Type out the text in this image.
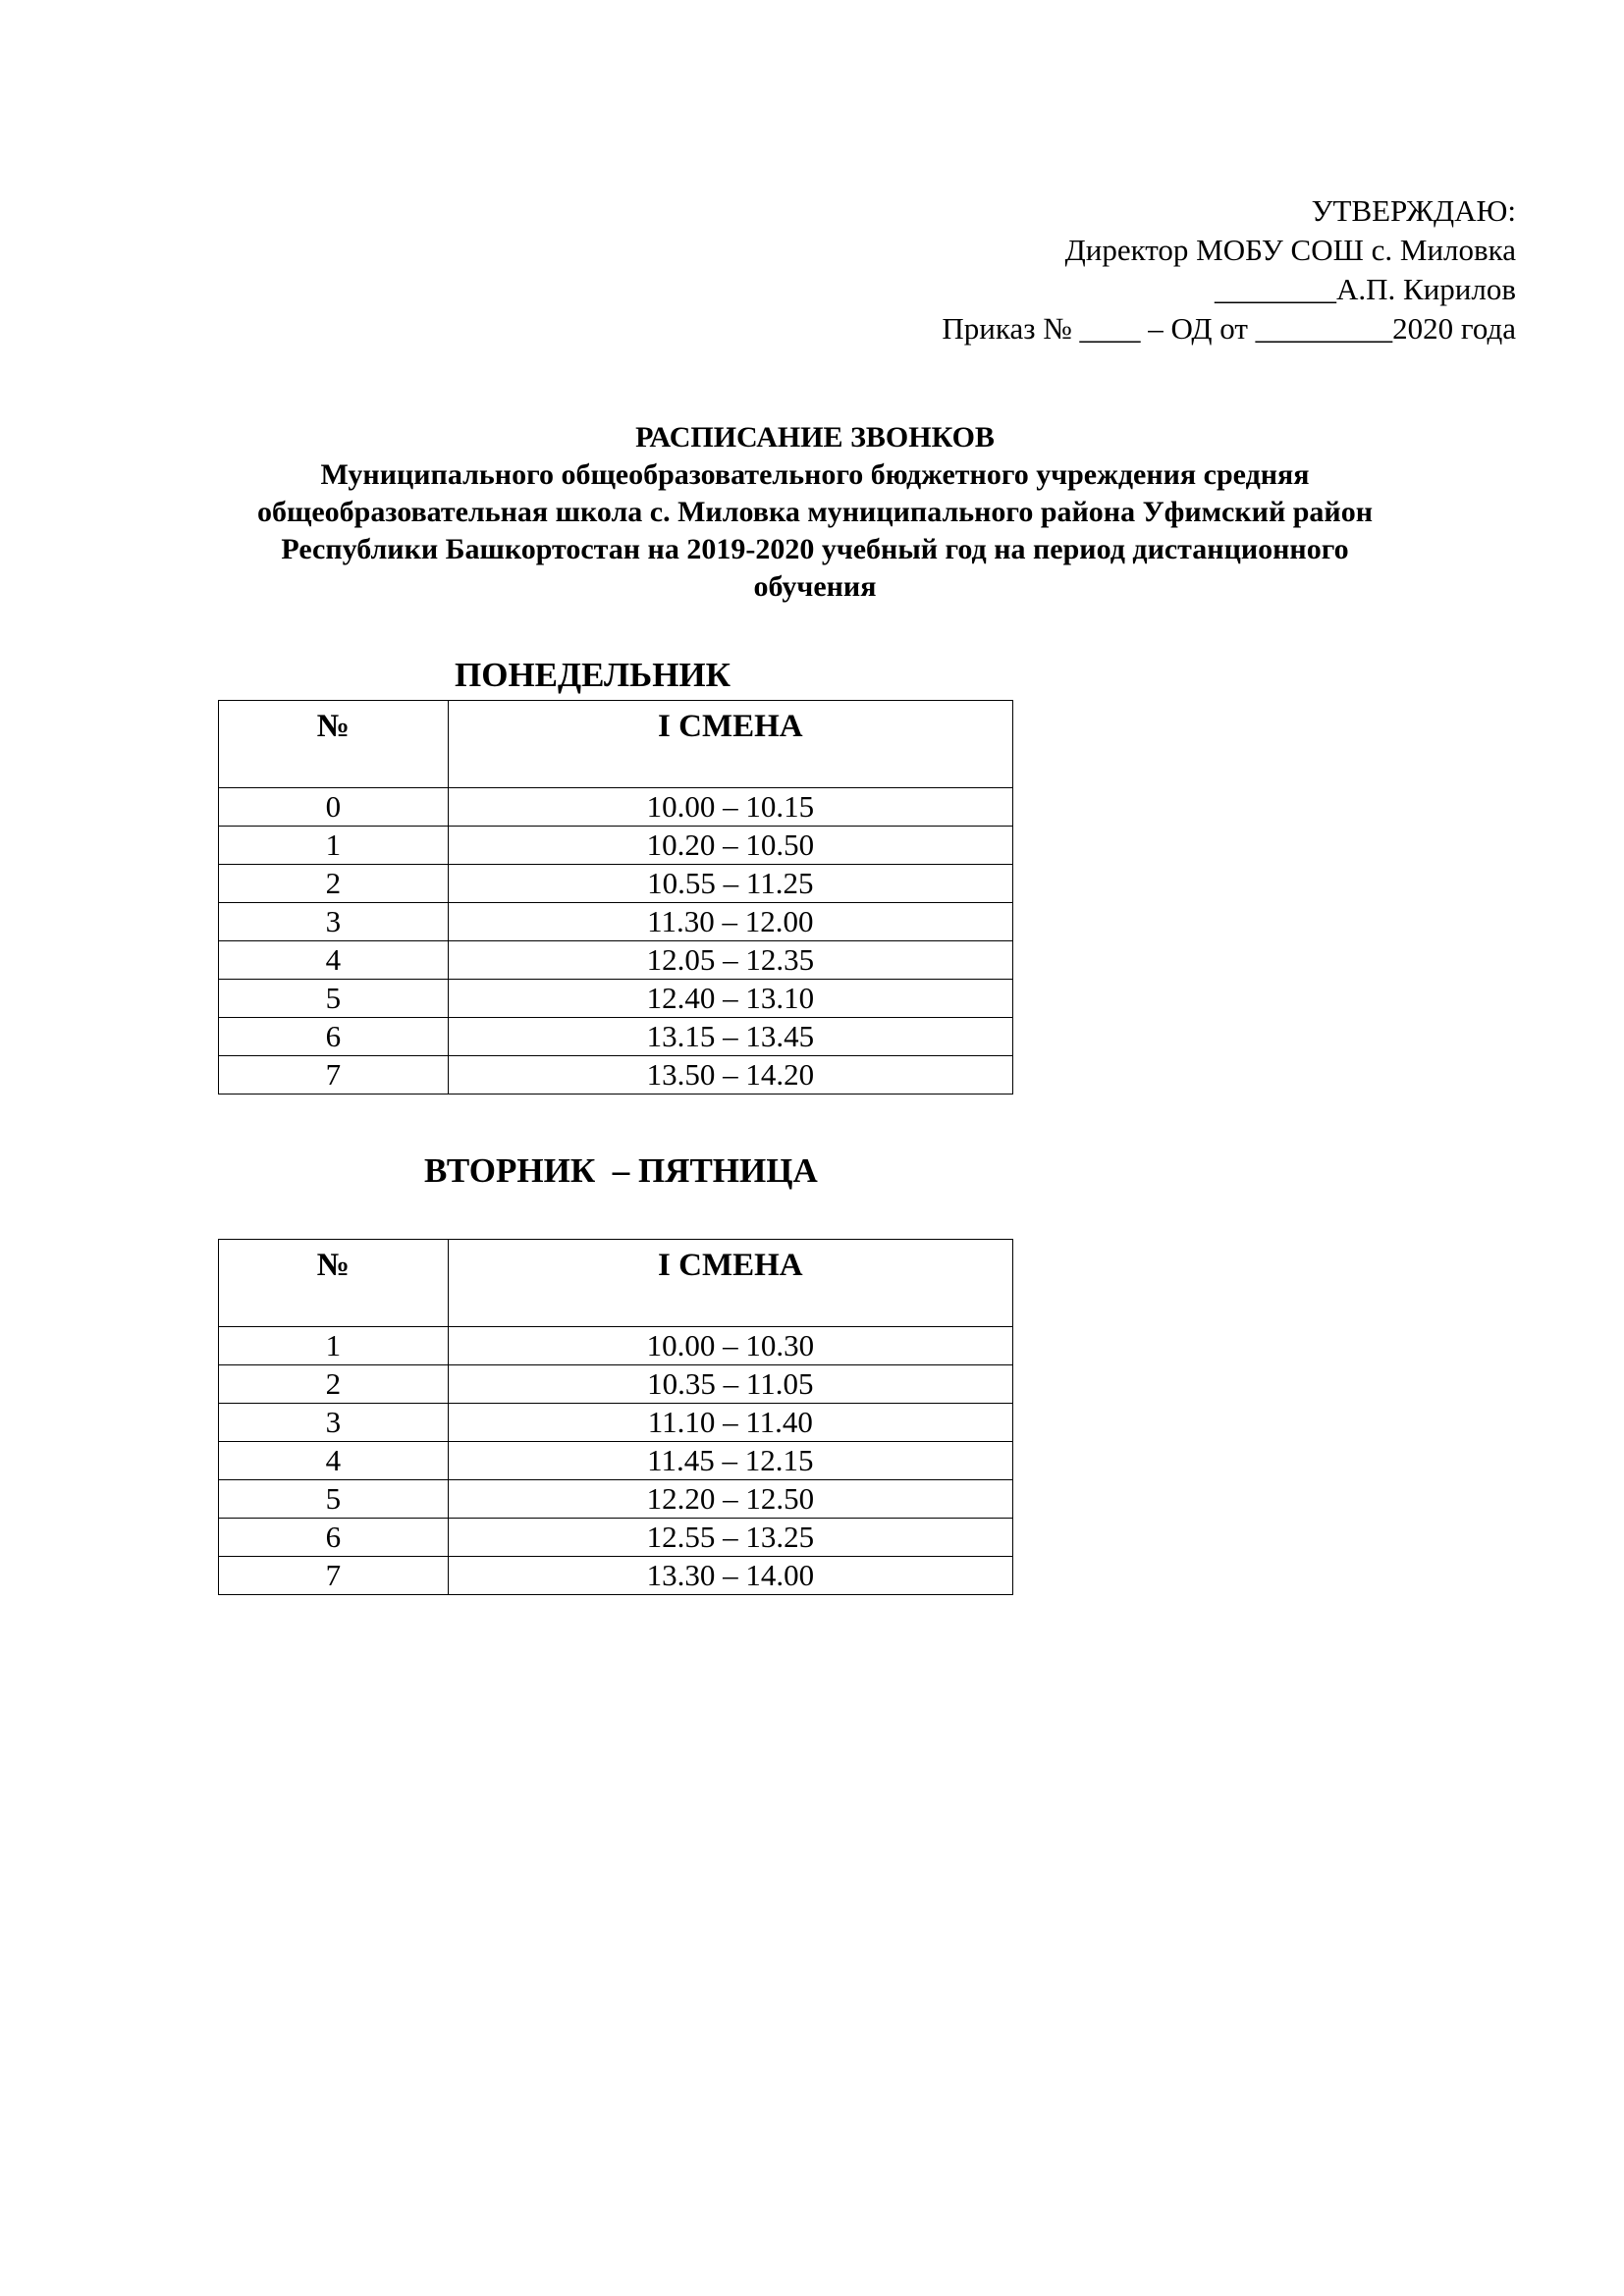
УТВЕРЖДАЮ:
Директор МОБУ СОШ с. Миловка
________А.П. Кирилов
Приказ № ____ – ОД от _________2020 года
РАСПИСАНИЕ ЗВОНКОВ
Муниципального общеобразовательного бюджетного учреждения средняя
общеобразовательная школа с. Миловка муниципального района Уфимский район
Республики Башкортостан на 2019-2020 учебный год на период дистанционного
обучения
ПОНЕДЕЛЬНИК
№	I СМЕНА
0	10.00 – 10.15
1	10.20 – 10.50
2	10.55 – 11.25
3	11.30 – 12.00
4	12.05 – 12.35
5	12.40 – 13.10
6	13.15 – 13.45
7	13.50 – 14.20
ВТОРНИК  – ПЯТНИЦА
№	I СМЕНА
1	10.00 – 10.30
2	10.35 – 11.05
3	11.10 – 11.40
4	11.45 – 12.15
5	12.20 – 12.50
6	12.55 – 13.25
7	13.30 – 14.00
